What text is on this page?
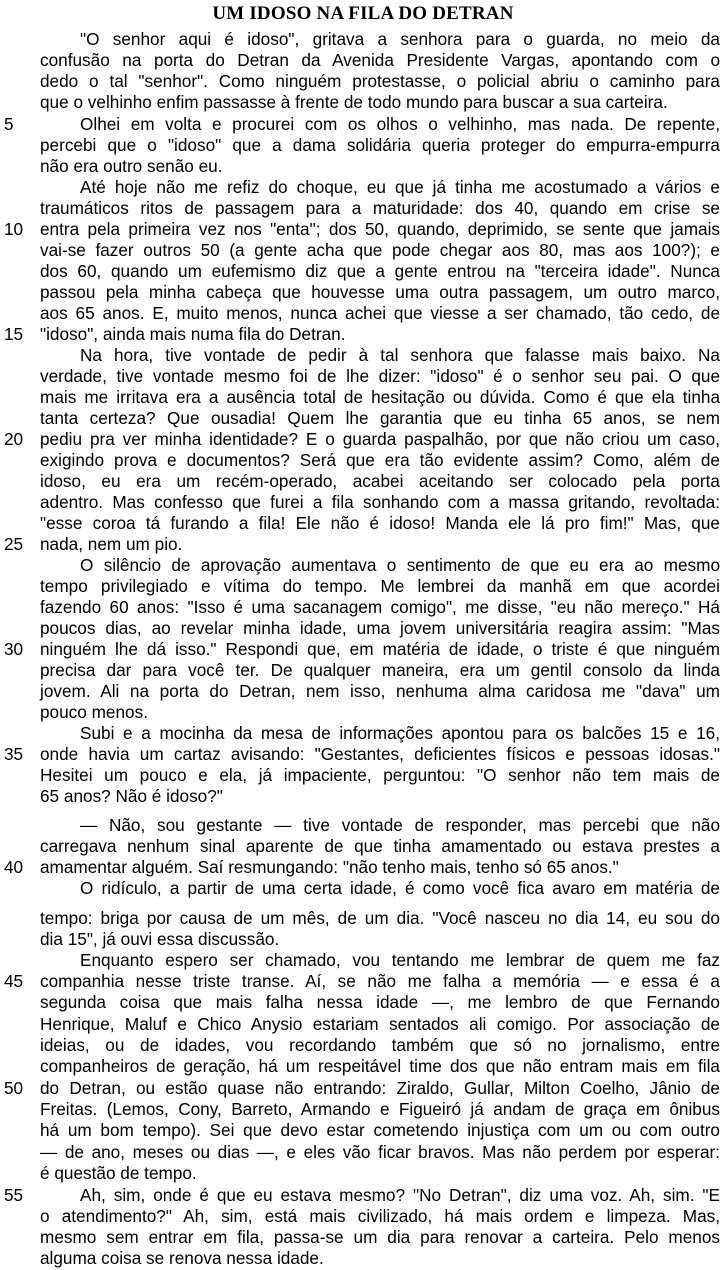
UM IDOSO NA FILA DO DETRAN
"O senhor aqui é idoso", gritava a senhora para o guarda, no meio da
confusão na porta do Detran da Avenida Presidente Vargas, apontando com o
dedo o tal "senhor". Como ninguém protestasse, o policial abriu o caminho para
que o velhinho enfim passasse à frente de todo mundo para buscar a sua carteira.
5	Olhei em volta e procurei com os olhos o velhinho, mas nada. De repente,
percebi que o "idoso" que a dama solidária queria proteger do empurra-empurra
não era outro senão eu.
Até hoje não me refiz do choque, eu que já tinha me acostumado a vários e
traumáticos ritos de passagem para a maturidade: dos 40, quando em crise se
10 entra pela primeira vez nos "enta"; dos 50, quando, deprimido, se sente que jamais
vai-se fazer outros 50 (a gente acha que pode chegar aos 80, mas aos 100?); e
dos 60, quando um eufemismo diz que a gente entrou na "terceira idade". Nunca
passou pela minha cabeça que houvesse uma outra passagem, um outro marco,
aos 65 anos. E, muito menos, nunca achei que viesse a ser chamado, tão cedo, de
15 "idoso", ainda mais numa fila do Detran.
Na hora, tive vontade de pedir à tal senhora que falasse mais baixo. Na
verdade, tive vontade mesmo foi de lhe dizer: "idoso" é o senhor seu pai. O que
mais me irritava era a ausência total de hesitação ou dúvida. Como é que ela tinha
tanta certeza? Que ousadia! Quem lhe garantia que eu tinha 65 anos, se nem
20 pediu pra ver minha identidade? E o guarda paspalhão, por que não criou um caso,
exigindo prova e documentos? Será que era tão evidente assim? Como, além de
idoso, eu era um recém-operado, acabei aceitando ser colocado pela porta
adentro. Mas confesso que furei a fila sonhando com a massa gritando, revoltada:
"esse coroa tá furando a fila! Ele não é idoso! Manda ele lá pro fim!" Mas, que
25 nada, nem um pio.
O silêncio de aprovação aumentava o sentimento de que eu era ao mesmo
tempo privilegiado e vítima do tempo. Me lembrei da manhã em que acordei
fazendo 60 anos: "Isso é uma sacanagem comigo", me disse, "eu não mereço." Há
poucos dias, ao revelar minha idade, uma jovem universitária reagira assim: "Mas
30 ninguém lhe dá isso." Respondi que, em matéria de idade, o triste é que ninguém
precisa dar para você ter. De qualquer maneira, era um gentil consolo da linda
jovem. Ali na porta do Detran, nem isso, nenhuma alma caridosa me "dava" um
pouco menos.
Subi e a mocinha da mesa de informações apontou para os balcões 15 e 16,
35 onde havia um cartaz avisando: "Gestantes, deficientes físicos e pessoas idosas."
Hesitei um pouco e ela, já impaciente, perguntou: "O senhor não tem mais de
65 anos? Não é idoso?"
— Não, sou gestante — tive vontade de responder, mas percebi que não
carregava nenhum sinal aparente de que tinha amamentado ou estava prestes a
40 amamentar alguém. Saí resmungando: "não tenho mais, tenho só 65 anos."
O ridículo, a partir de uma certa idade, é como você fica avaro em matéria de
tempo: briga por causa de um mês, de um dia. "Você nasceu no dia 14, eu sou do
dia 15", já ouvi essa discussão.
Enquanto espero ser chamado, vou tentando me lembrar de quem me faz
45 companhia nesse triste transe. Aí, se não me falha a memória — e essa é a
segunda coisa que mais falha nessa idade —, me lembro de que Fernando
Henrique, Maluf e Chico Anysio estariam sentados ali comigo. Por associação de
ideias, ou de idades, vou recordando também que só no jornalismo, entre
companheiros de geração, há um respeitável time dos que não entram mais em fila
50 do Detran, ou estão quase não entrando: Ziraldo, Gullar, Milton Coelho, Jânio de
Freitas. (Lemos, Cony, Barreto, Armando e Figueiró já andam de graça em ônibus
há um bom tempo). Sei que devo estar cometendo injustiça com um ou com outro
— de ano, meses ou dias —, e eles vão ficar bravos. Mas não perdem por esperar:
é questão de tempo.
55	Ah, sim, onde é que eu estava mesmo? "No Detran", diz uma voz. Ah, sim. "E
o atendimento?" Ah, sim, está mais civilizado, há mais ordem e limpeza. Mas,
mesmo sem entrar em fila, passa-se um dia para renovar a carteira. Pelo menos
alguma coisa se renova nessa idade.
